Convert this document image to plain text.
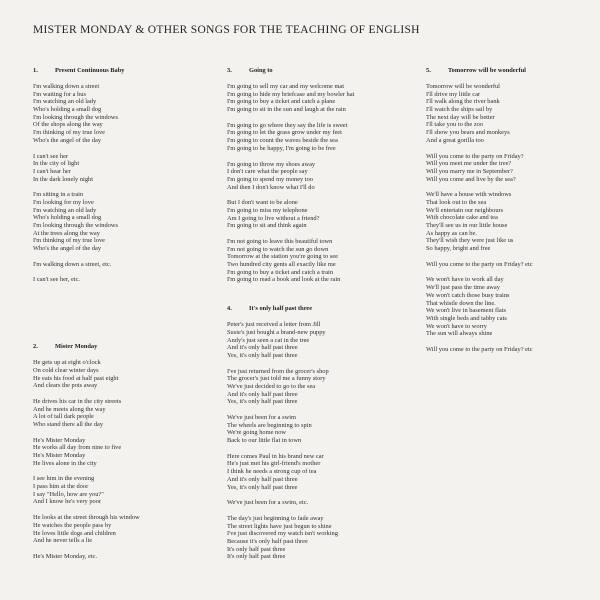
MISTER MONDAY & OTHER SONGS FOR THE TEACHING OF ENGLISH
1.	Present Continuous Baby
I'm walking down a street
I'm waiting for a bus
I'm watching an old lady
Who's holding a small dog
I'm looking through the windows
Of the shops along the way
I'm thinking of my true love
Who's the angel of the day
I can't see her
In the city of light
I can't hear her
In the dark lonely night
I'm sitting in a train
I'm looking for my love
I'm watching an old lady
Who's holding a small dog
I'm looking through the windows
At the trees along the way
I'm thinking of my true love
Who's the angel of the day
I'm walking down a street, etc.
I can't see her, etc.
2.	Mister Monday
He gets up at eight o'clock
On cold clear winter days
He eats his food at half past eight
And clears the pots away
He drives his car in the city streets
And he meets along the way
A lot of tall dark people
Who stand there all the day
He's Mister Monday
He works all day from nine to five
He's Mister Monday
He lives alone in the city
I see him in the evening
I pass him at the door
I say "Hello, how are you?"
And I know he's very poor
He looks at the street through his window
He watches the people pass by
He loves little dogs and children
And he never tells a lie
He's Mister Monday, etc.
3.	Going to
I'm going to sell my car and my welcome mat
I'm going to hide my briefcase and my bowler hat
I'm going to buy a ticket and catch a plane
I'm going to sit in the sun and laugh at the rain
I'm going to go where they say the life is sweet
I'm going to let the grass grow under my feet
I'm going to count the waves beside the sea
I'm going to be happy, I'm going to be free
I'm going to throw my shoes away
I don't care what the people say
I'm going to spend my money too
And then I don't know what I'll do
But I don't want to be alone
I'm going to miss my telephone
Am I going to live without a friend?
I'm going to sit and think again
I'm not going to leave this beautiful town
I'm not going to watch the sun go down
Tomorrow at the station you're going to see
Two hundred city gents all exactly like me
I'm going to buy a ticket and catch a train
I'm going to read a book and look at the rain
4.	It's only half past three
Peter's just received a letter from Jill
Susie's just bought a brand-new puppy
Andy's just seen a cat in the tree
And it's only half past three
Yes, it's only half past three
I've just returned from the grocer's shop
The grocer's just told me a funny story
We've just decided to go to the sea
And it's only half past three
Yes, it's only half past three
We've just been for a swim
The wheels are beginning to spin
We're going home now
Back to our little flat in town
Here comes Paul in his brand new car
He's just met his girl-friend's mother
I think he needs a strong cup of tea
And it's only half past three
Yes, it's only half past three
We've just been for a swim, etc.
The day's just beginning to fade away
The street lights have just begun to shine
I've just discovered my watch isn't working
Because it's only half past three
It's only half past three
It's only half past three
5.	Tomorrow will be wonderful
Tomorrow will be wonderful
I'll drive my little car
I'll walk along the river bank
I'll watch the ships sail by
The next day will be better
I'll take you to the zoo
I'll show you bears and monkeys
And a great gorilla too
Will you come to the party on Friday?
Will you meet me under the tree?
Will you marry me in September?
Will you come and live by the sea?
We'll have a house with windows
That look out to the sea
We'll entertain our neighbours
With chocolate cake and tea
They'll see us in our little house
As happy as can be.
They'll wish they were just like us
So happy, bright and free
Will you come to the party on Friday? etc
We won't have to work all day
We'll just pass the time away
We won't catch those busy trains
That whistle down the line.
We won't live in basement flats
With single beds and tabby cats
We won't have to worry
The sun will always shine
Will you come to the party on Friday? etc
